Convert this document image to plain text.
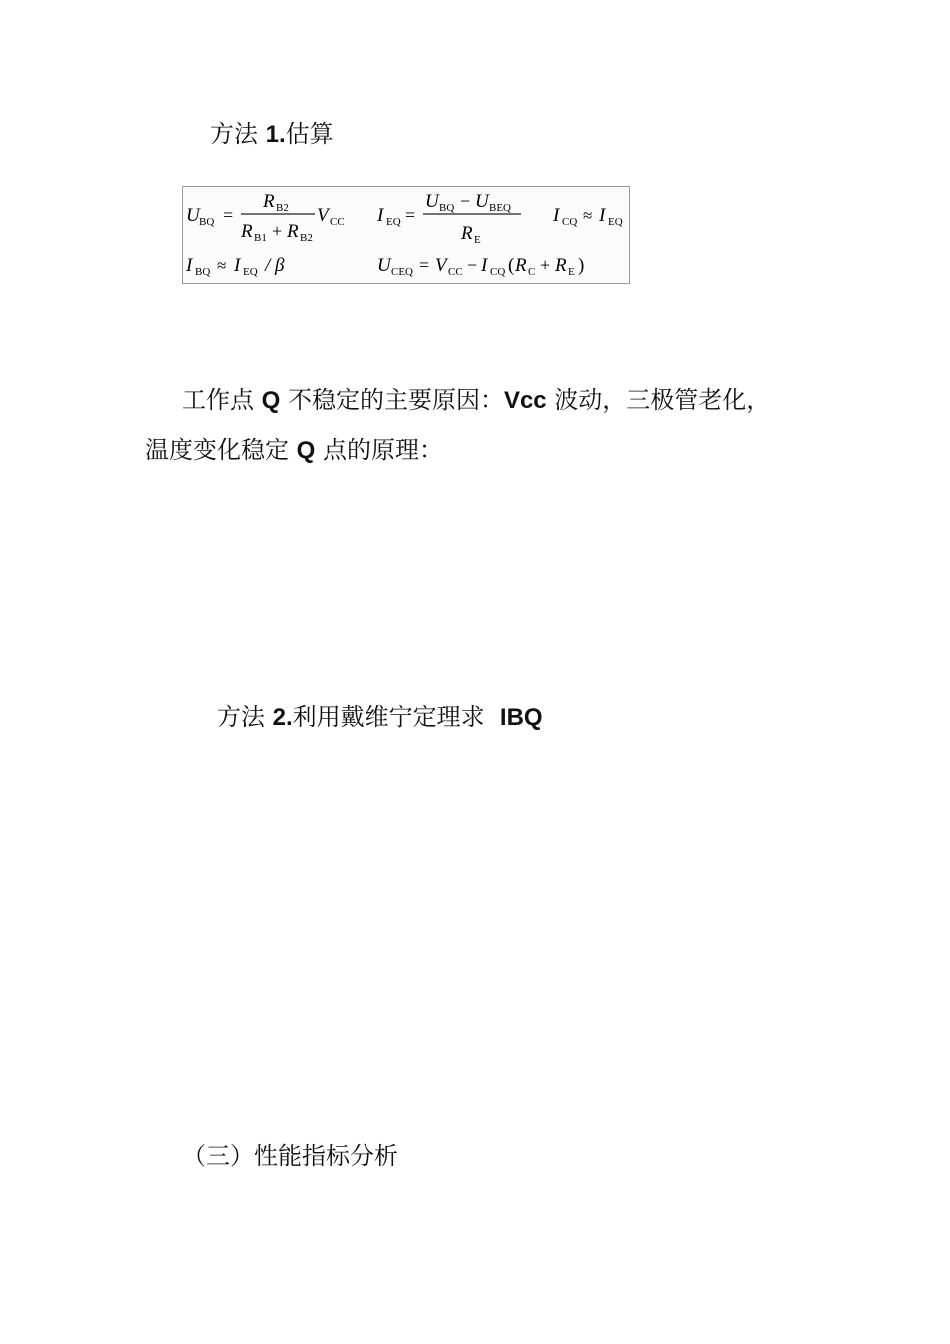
方法 1.估算
U BQ =
R B2
R B1 + R B2
V CC I EQ =
U BQ − U BEQ
R E
I CQ ≈ I EQ
I BQ ≈ I EQ / β	U CEQ = V CC − I CQ ( R C + R E )
工作点 Q 不稳定的主要原因：Vcc 波动，三极管老化，
温度变化稳定 Q 点的原理：
方法 2.利用戴维宁定理求  IBQ
（三）性能指标分析
